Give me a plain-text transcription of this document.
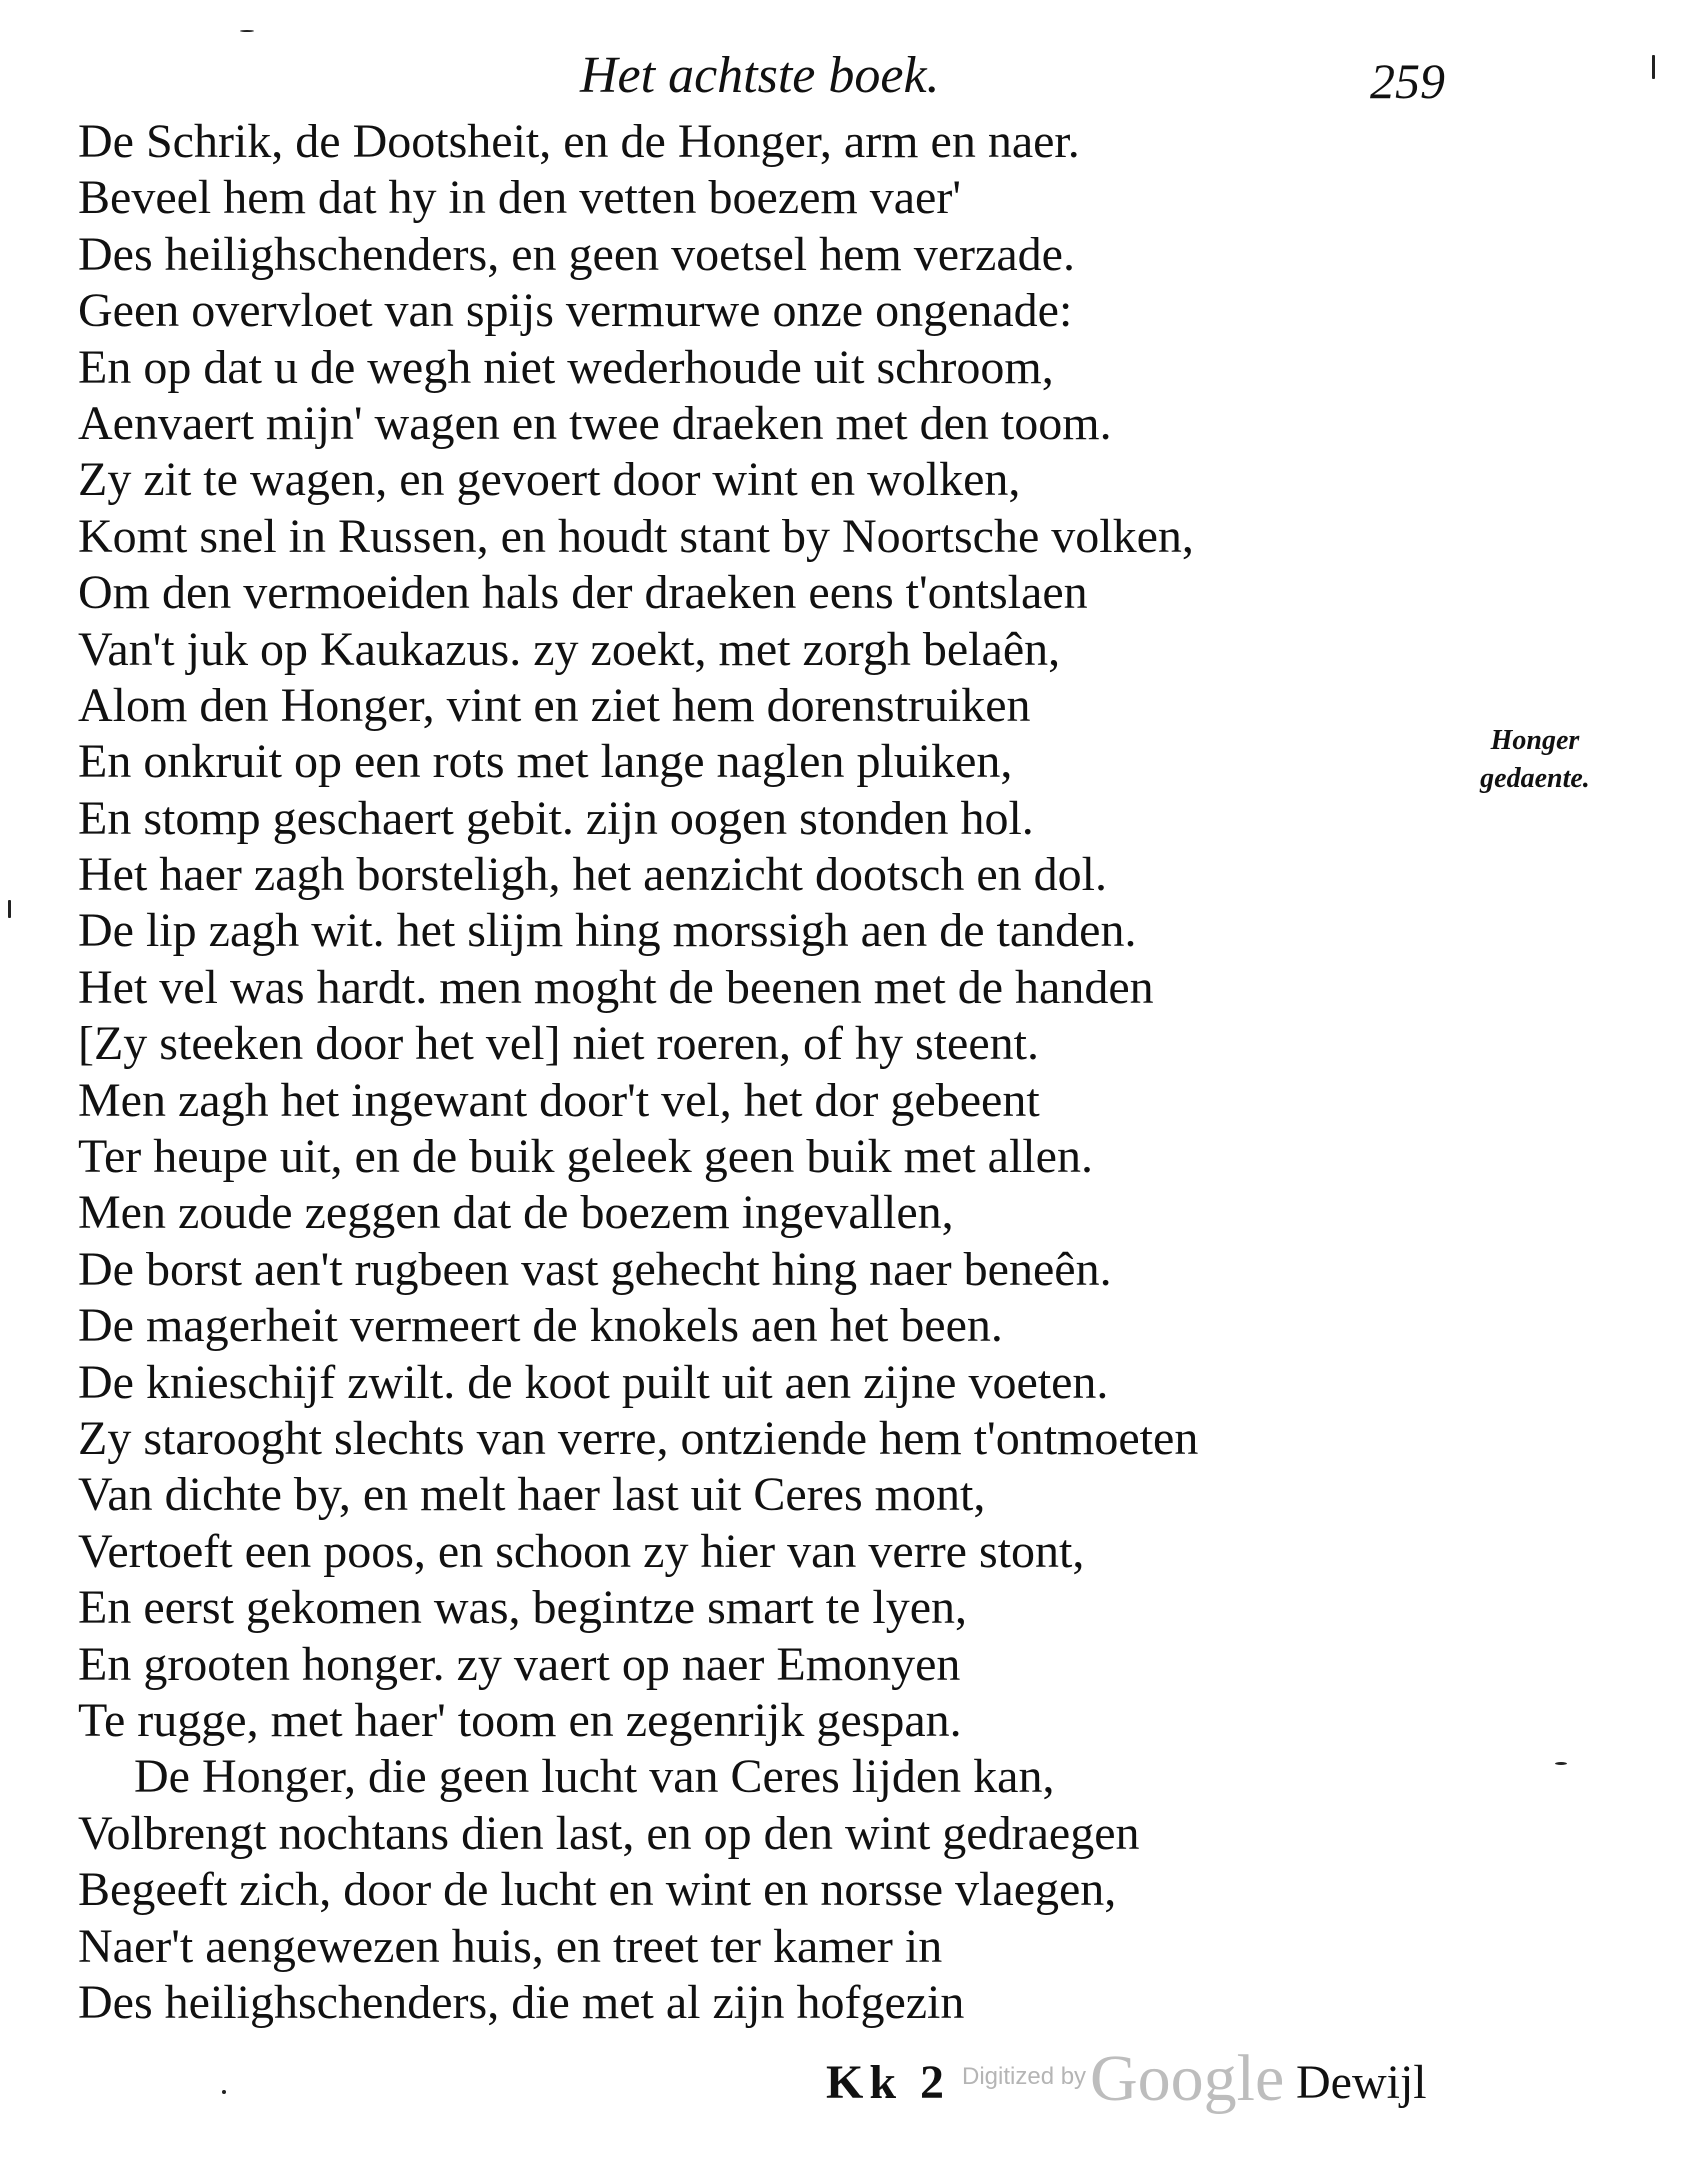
Het achtste boek.	259
De Schrik, de Dootsheit, en de Honger, arm en naer.
Beveel hem dat hy in den vetten boezem vaer'
Des heilighschenders, en geen voetsel hem verzade.
Geen overvloet van spijs vermurwe onze ongenade:
En op dat u de wegh niet wederhoude uit schroom,
Aenvaert mijn' wagen en twee draeken met den toom.
Zy zit te wagen, en gevoert door wint en wolken,
Komt snel in Russen, en houdt stant by Noortsche volken,
Om den vermoeiden hals der draeken eens t'ontslaen
Van't juk op Kaukazus. zy zoekt, met zorgh belaên,
Alom den Honger, vint en ziet hem dorenstruiken
En onkruit op een rots met lange naglen pluiken,
En stomp geschaert gebit. zijn oogen stonden hol.
Het haer zagh borsteligh, het aenzicht dootsch en dol.
De lip zagh wit. het slijm hing morssigh aen de tanden.
Het vel was hardt. men moght de beenen met de handen
[Zy steeken door het vel] niet roeren, of hy steent.
Men zagh het ingewant door't vel, het dor gebeent
Ter heupe uit, en de buik geleek geen buik met allen.
Men zoude zeggen dat de boezem ingevallen,
De borst aen't rugbeen vast gehecht hing naer beneên.
De magerheit vermeert de knokels aen het been.
De knieschijf zwilt. de koot puilt uit aen zijne voeten.
Zy starooght slechts van verre, ontziende hem t'ontmoeten
Van dichte by, en melt haer last uit Ceres mont,
Vertoeft een poos, en schoon zy hier van verre stont,
En eerst gekomen was, begintze smart te lyen,
En grooten honger. zy vaert op naer Emonyen
Te rugge, met haer' toom en zegenrijk gespan.
De Honger, die geen lucht van Ceres lijden kan,
Volbrengt nochtans dien last, en op den wint gedraegen
Begeeft zich, door de lucht en wint en norsse vlaegen,
Naer't aengewezen huis, en treet ter kamer in
Des heilighschenders, die met al zijn hofgezin
Honger
gedaente.
Kk 2 Digitized by Google Dewijl
